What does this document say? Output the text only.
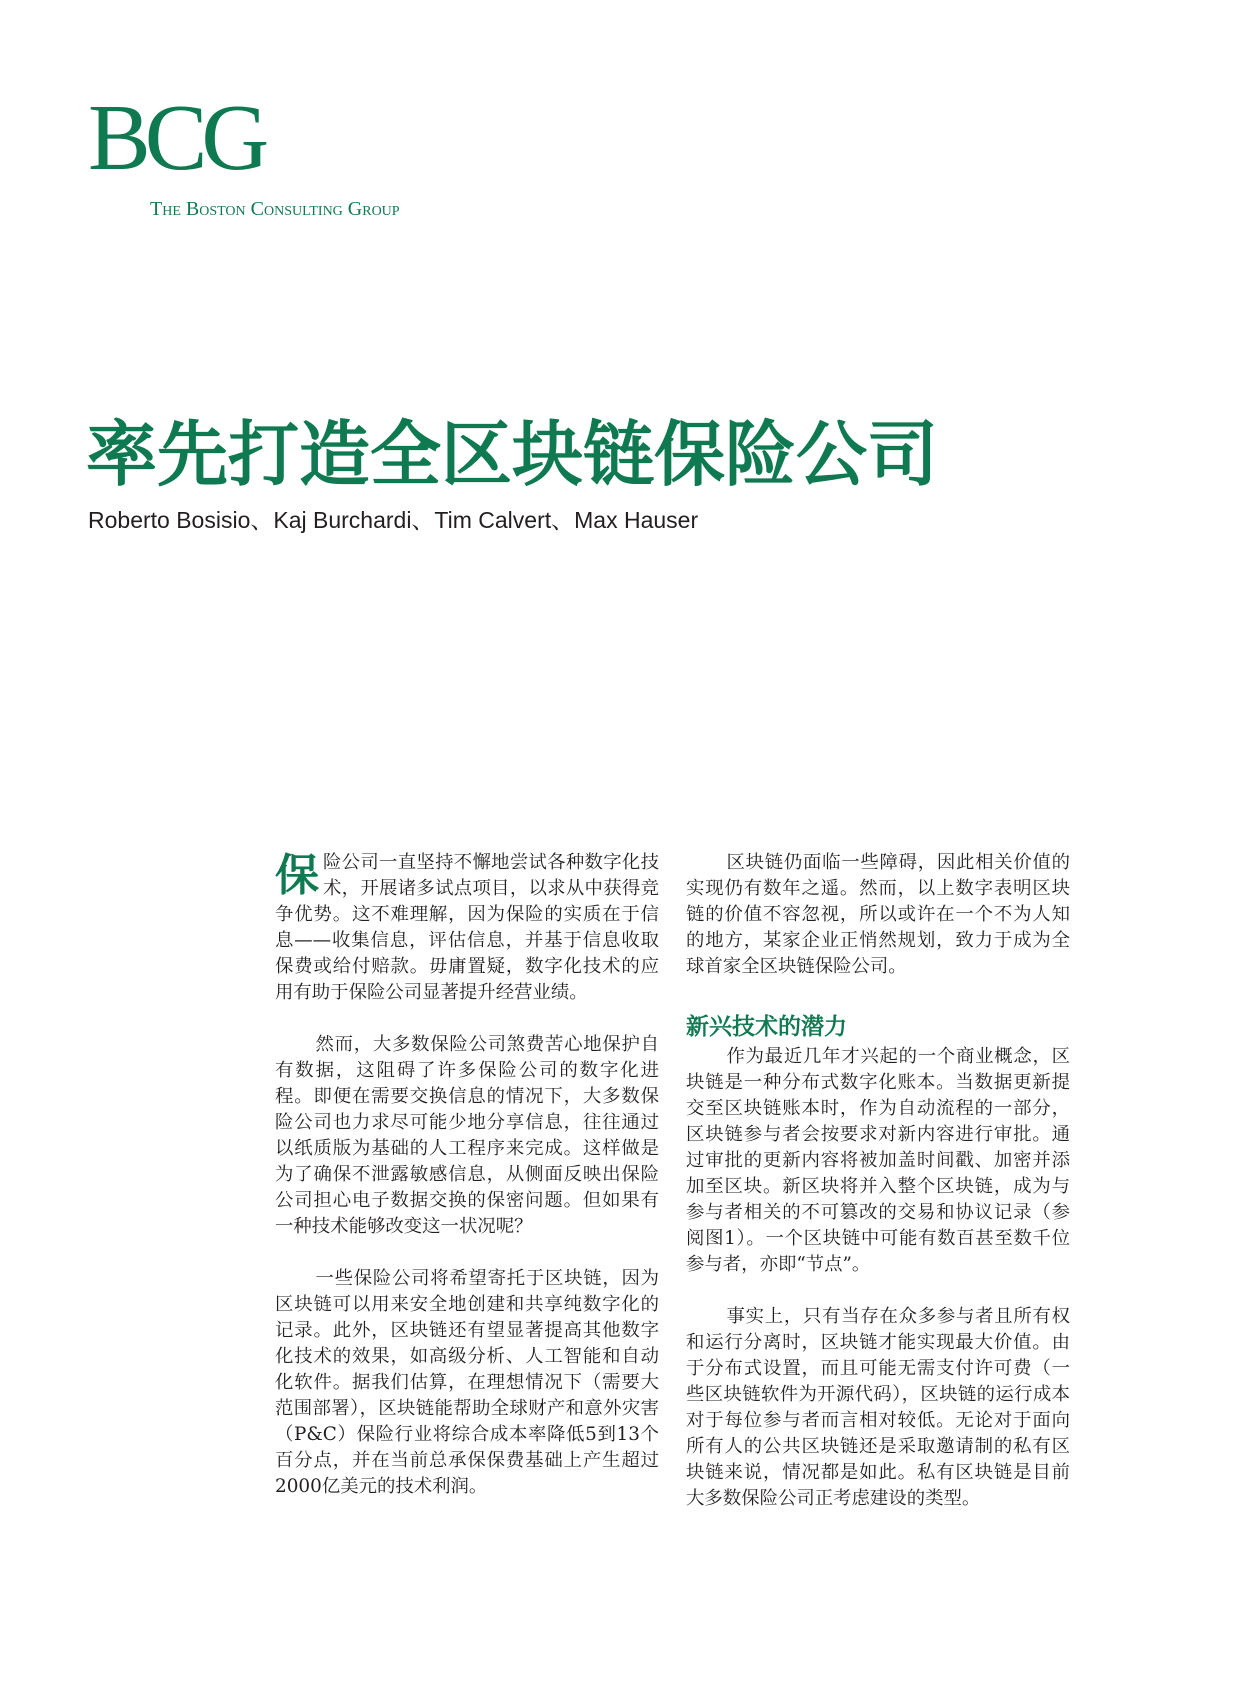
BCG
The Boston Consulting Group
率先打造全区块链保险公司
Roberto Bosisio、Kaj Burchardi、Tim Calvert、Max Hauser

保险公司一直坚持不懈地尝试各种数字化技术，开展诸多试点项目，以求从中获得竞争优势。这不难理解，因为保险的实质在于信息——收集信息，评估信息，并基于信息收取保费或给付赔款。毋庸置疑，数字化技术的应用有助于保险公司显著提升经营业绩。

然而，大多数保险公司煞费苦心地保护自有数据，这阻碍了许多保险公司的数字化进程。即便在需要交换信息的情况下，大多数保险公司也力求尽可能少地分享信息，往往通过以纸质版为基础的人工程序来完成。这样做是为了确保不泄露敏感信息，从侧面反映出保险公司担心电子数据交换的保密问题。但如果有一种技术能够改变这一状况呢？

一些保险公司将希望寄托于区块链，因为区块链可以用来安全地创建和共享纯数字化的记录。此外，区块链还有望显著提高其他数字化技术的效果，如高级分析、人工智能和自动化软件。据我们估算，在理想情况下（需要大范围部署），区块链能帮助全球财产和意外灾害（P&C）保险行业将综合成本率降低5到13个百分点，并在当前总承保保费基础上产生超过2000亿美元的技术利润。

区块链仍面临一些障碍，因此相关价值的实现仍有数年之遥。然而，以上数字表明区块链的价值不容忽视，所以或许在一个不为人知的地方，某家企业正悄然规划，致力于成为全球首家全区块链保险公司。

新兴技术的潜力

作为最近几年才兴起的一个商业概念，区块链是一种分布式数字化账本。当数据更新提交至区块链账本时，作为自动流程的一部分，区块链参与者会按要求对新内容进行审批。通过审批的更新内容将被加盖时间戳、加密并添加至区块。新区块将并入整个区块链，成为与参与者相关的不可篡改的交易和协议记录（参阅图1）。一个区块链中可能有数百甚至数千位参与者，亦即“节点”。

事实上，只有当存在众多参与者且所有权和运行分离时，区块链才能实现最大价值。由于分布式设置，而且可能无需支付许可费（一些区块链软件为开源代码），区块链的运行成本对于每位参与者而言相对较低。无论对于面向所有人的公共区块链还是采取邀请制的私有区块链来说，情况都是如此。私有区块链是目前大多数保险公司正考虑建设的类型。
